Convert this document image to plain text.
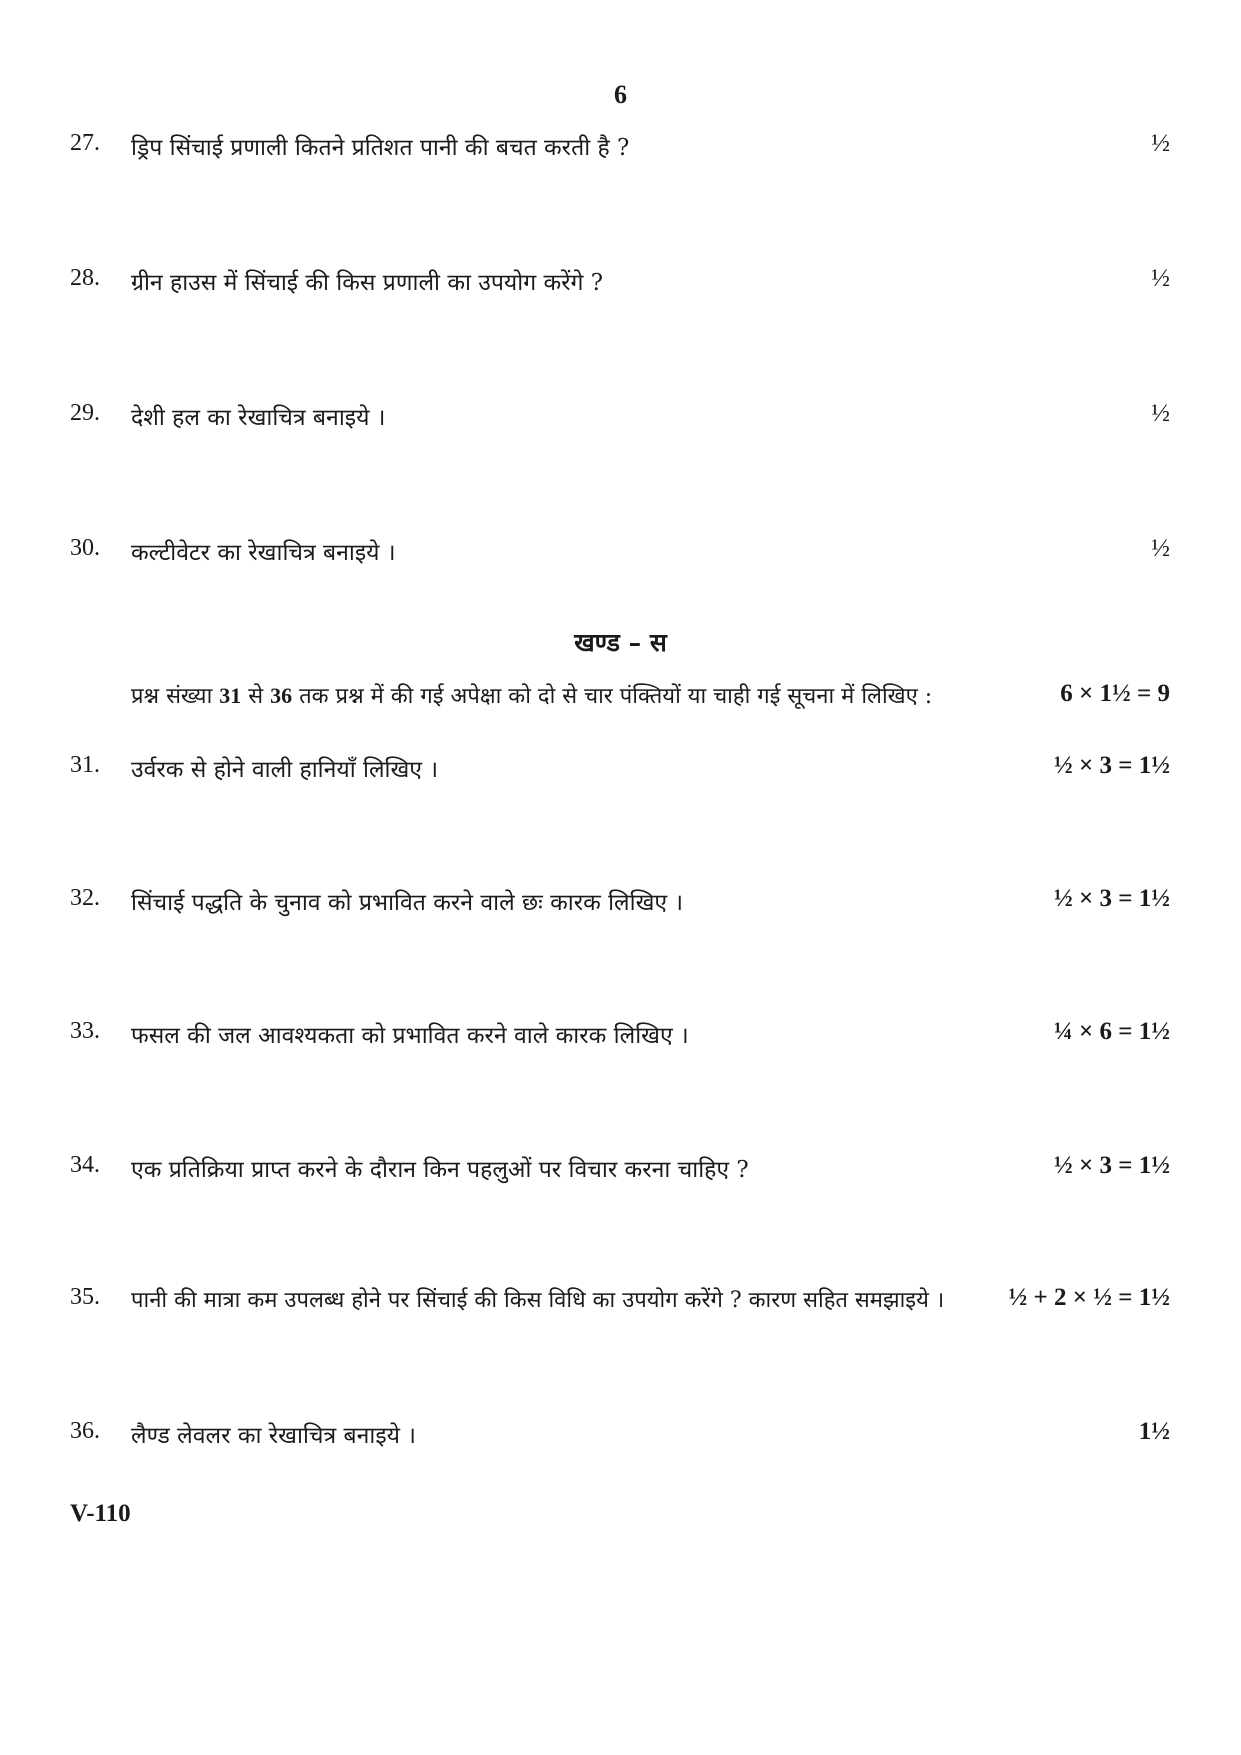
6
27. ड्रिप सिंचाई प्रणाली कितने प्रतिशत पानी की बचत करती है ?	½
28. ग्रीन हाउस में सिंचाई की किस प्रणाली का उपयोग करेंगे ?	½
29. देशी हल का रेखाचित्र बनाइये ।	½
30. कल्टीवेटर का रेखाचित्र बनाइये ।	½
खण्ड – स
प्रश्न संख्या 31 से 36 तक प्रश्न में की गई अपेक्षा को दो से चार पंक्तियों या चाही गई सूचना में लिखिए :	6 × 1½ = 9
31. उर्वरक से होने वाली हानियाँ लिखिए ।	½ × 3 = 1½
32. सिंचाई पद्धति के चुनाव को प्रभावित करने वाले छः कारक लिखिए ।	½ × 3 = 1½
33. फसल की जल आवश्यकता को प्रभावित करने वाले कारक लिखिए ।	¼ × 6 = 1½
34. एक प्रतिक्रिया प्राप्त करने के दौरान किन पहलुओं पर विचार करना चाहिए ?	½ × 3 = 1½
35. पानी की मात्रा कम उपलब्ध होने पर सिंचाई की किस विधि का उपयोग करेंगे ? कारण सहित समझाइये ।	½ + 2 × ½ = 1½
36. लैण्ड लेवलर का रेखाचित्र बनाइये ।	1½
V-110
